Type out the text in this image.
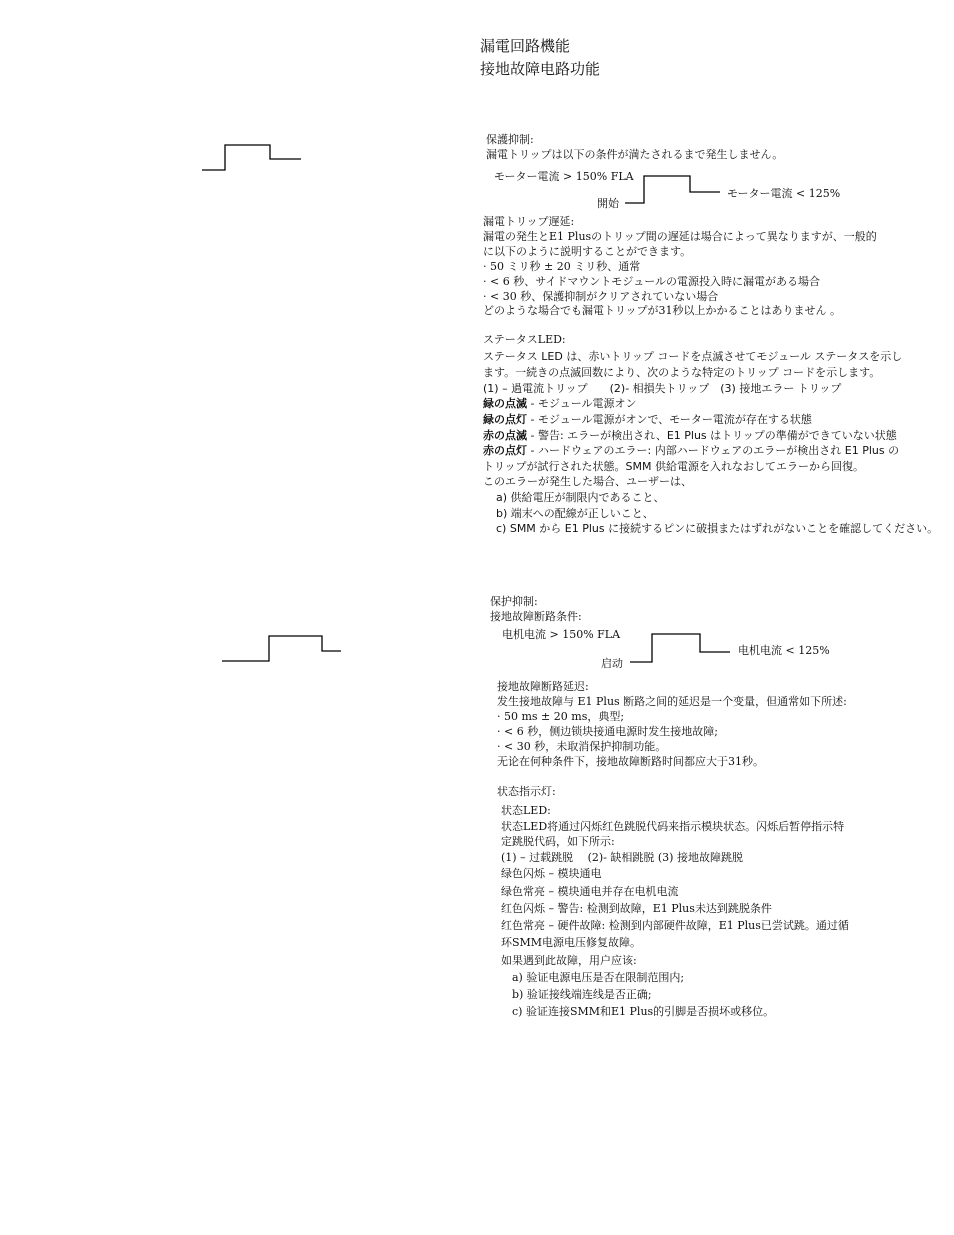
漏電回路機能
接地故障电路功能
保護抑制:
漏電トリップは以下の条件が満たされるまで発生しません。
モーター電流 > 150% FLA
開始
モーター電流 < 125%
漏電トリップ遅延:
漏電の発生とE1 Plusのトリップ間の遅延は場合によって異なりますが、一般的
に以下のように説明することができます。
· 50 ミリ秒 ± 20 ミリ秒、通常
· < 6 秒、サイドマウントモジュールの電源投入時に漏電がある場合
· < 30 秒、保護抑制がクリアされていない場合
どのような場合でも漏電トリップが31秒以上かかることはありません 。
ステータスLED:
ステータス LED は、赤いトリップ コードを点滅させてモジュール ステータスを示し
ます。一続きの点滅回数により、次のような特定のトリップ コードを示します。
(1) – 過電流トリップ　　(2)- 相損失トリップ　(3) 接地エラー トリップ
緑の点滅 - モジュール電源オン
緑の点灯 - モジュール電源がオンで、モーター電流が存在する状態
赤の点滅 - 警告: エラーが検出され、E1 Plus はトリップの準備ができていない状態
赤の点灯 - ハードウェアのエラー: 内部ハードウェアのエラーが検出され E1 Plus の
トリップが試行された状態。SMM 供給電源を入れなおしてエラーから回復。
このエラーが発生した場合、ユーザーは、
a) 供給電圧が制限内であること、
b) 端末への配線が正しいこと、
c) SMM から E1 Plus に接続するピンに破損またはずれがないことを確認してください。
保护抑制:
接地故障断路条件:
电机电流 > 150% FLA
启动
电机电流 < 125%
接地故障断路延迟:
发生接地故障与 E1 Plus 断路之间的延迟是一个变量，但通常如下所述:
· 50 ms ± 20 ms，典型;
· < 6 秒，侧边锁块接通电源时发生接地故障;
· < 30 秒，未取消保护抑制功能。
无论在何种条件下，接地故障断路时间都应大于31秒。
状态指示灯:
状态LED:
状态LED将通过闪烁红色跳脱代码来指示模块状态。闪烁后暂停指示特
定跳脱代码，如下所示:
(1) – 过载跳脱　 (2)- 缺相跳脱 (3) 接地故障跳脱
绿色闪烁 – 模块通电
绿色常亮 – 模块通电并存在电机电流
红色闪烁 – 警告: 检测到故障，E1 Plus未达到跳脱条件
红色常亮 – 硬件故障: 检测到内部硬件故障，E1 Plus已尝试跳。通过循
环SMM电源电压修复故障。
如果遇到此故障，用户应该:
a) 验证电源电压是否在限制范围内;
b) 验证接线端连线是否正确;
c) 验证连接SMM和E1 Plus的引脚是否损坏或移位。
